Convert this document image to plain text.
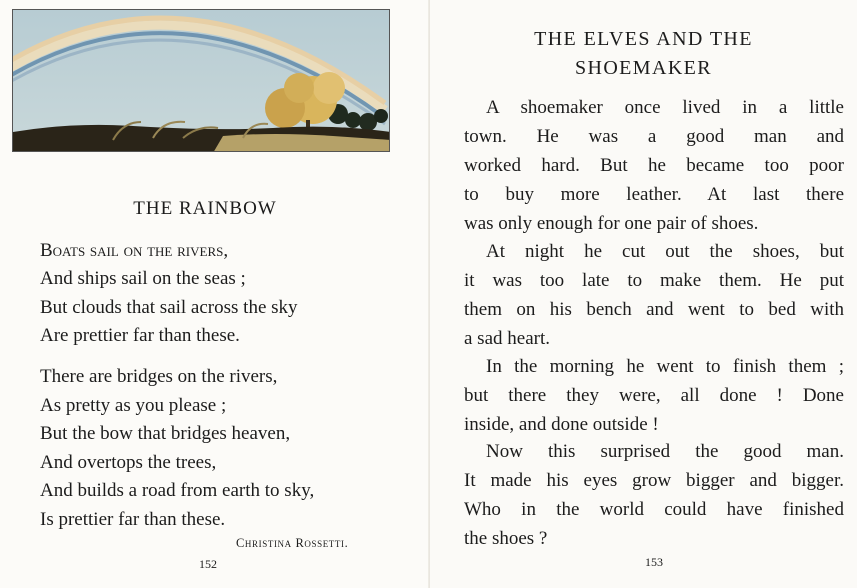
THE RAINBOW
Boats sail on the rivers,
And ships sail on the seas ;
But clouds that sail across the sky
Are prettier far than these.
There are bridges on the rivers,
As pretty as you please ;
But the bow that bridges heaven,
And overtops the trees,
And builds a road from earth to sky,
Is prettier far than these.
Christina Rossetti.
152
THE ELVES AND THE
SHOEMAKER
A shoemaker once lived in a little
town. He was a good man and
worked hard. But he became too poor
to buy more leather. At last there
was only enough for one pair of shoes.
At night he cut out the shoes, but
it was too late to make them. He put
them on his bench and went to bed with
a sad heart.
In the morning he went to finish them ;
but there they were, all done ! Done
inside, and done outside !
Now this surprised the good man.
It made his eyes grow bigger and bigger.
Who in the world could have finished
the shoes ?
153
